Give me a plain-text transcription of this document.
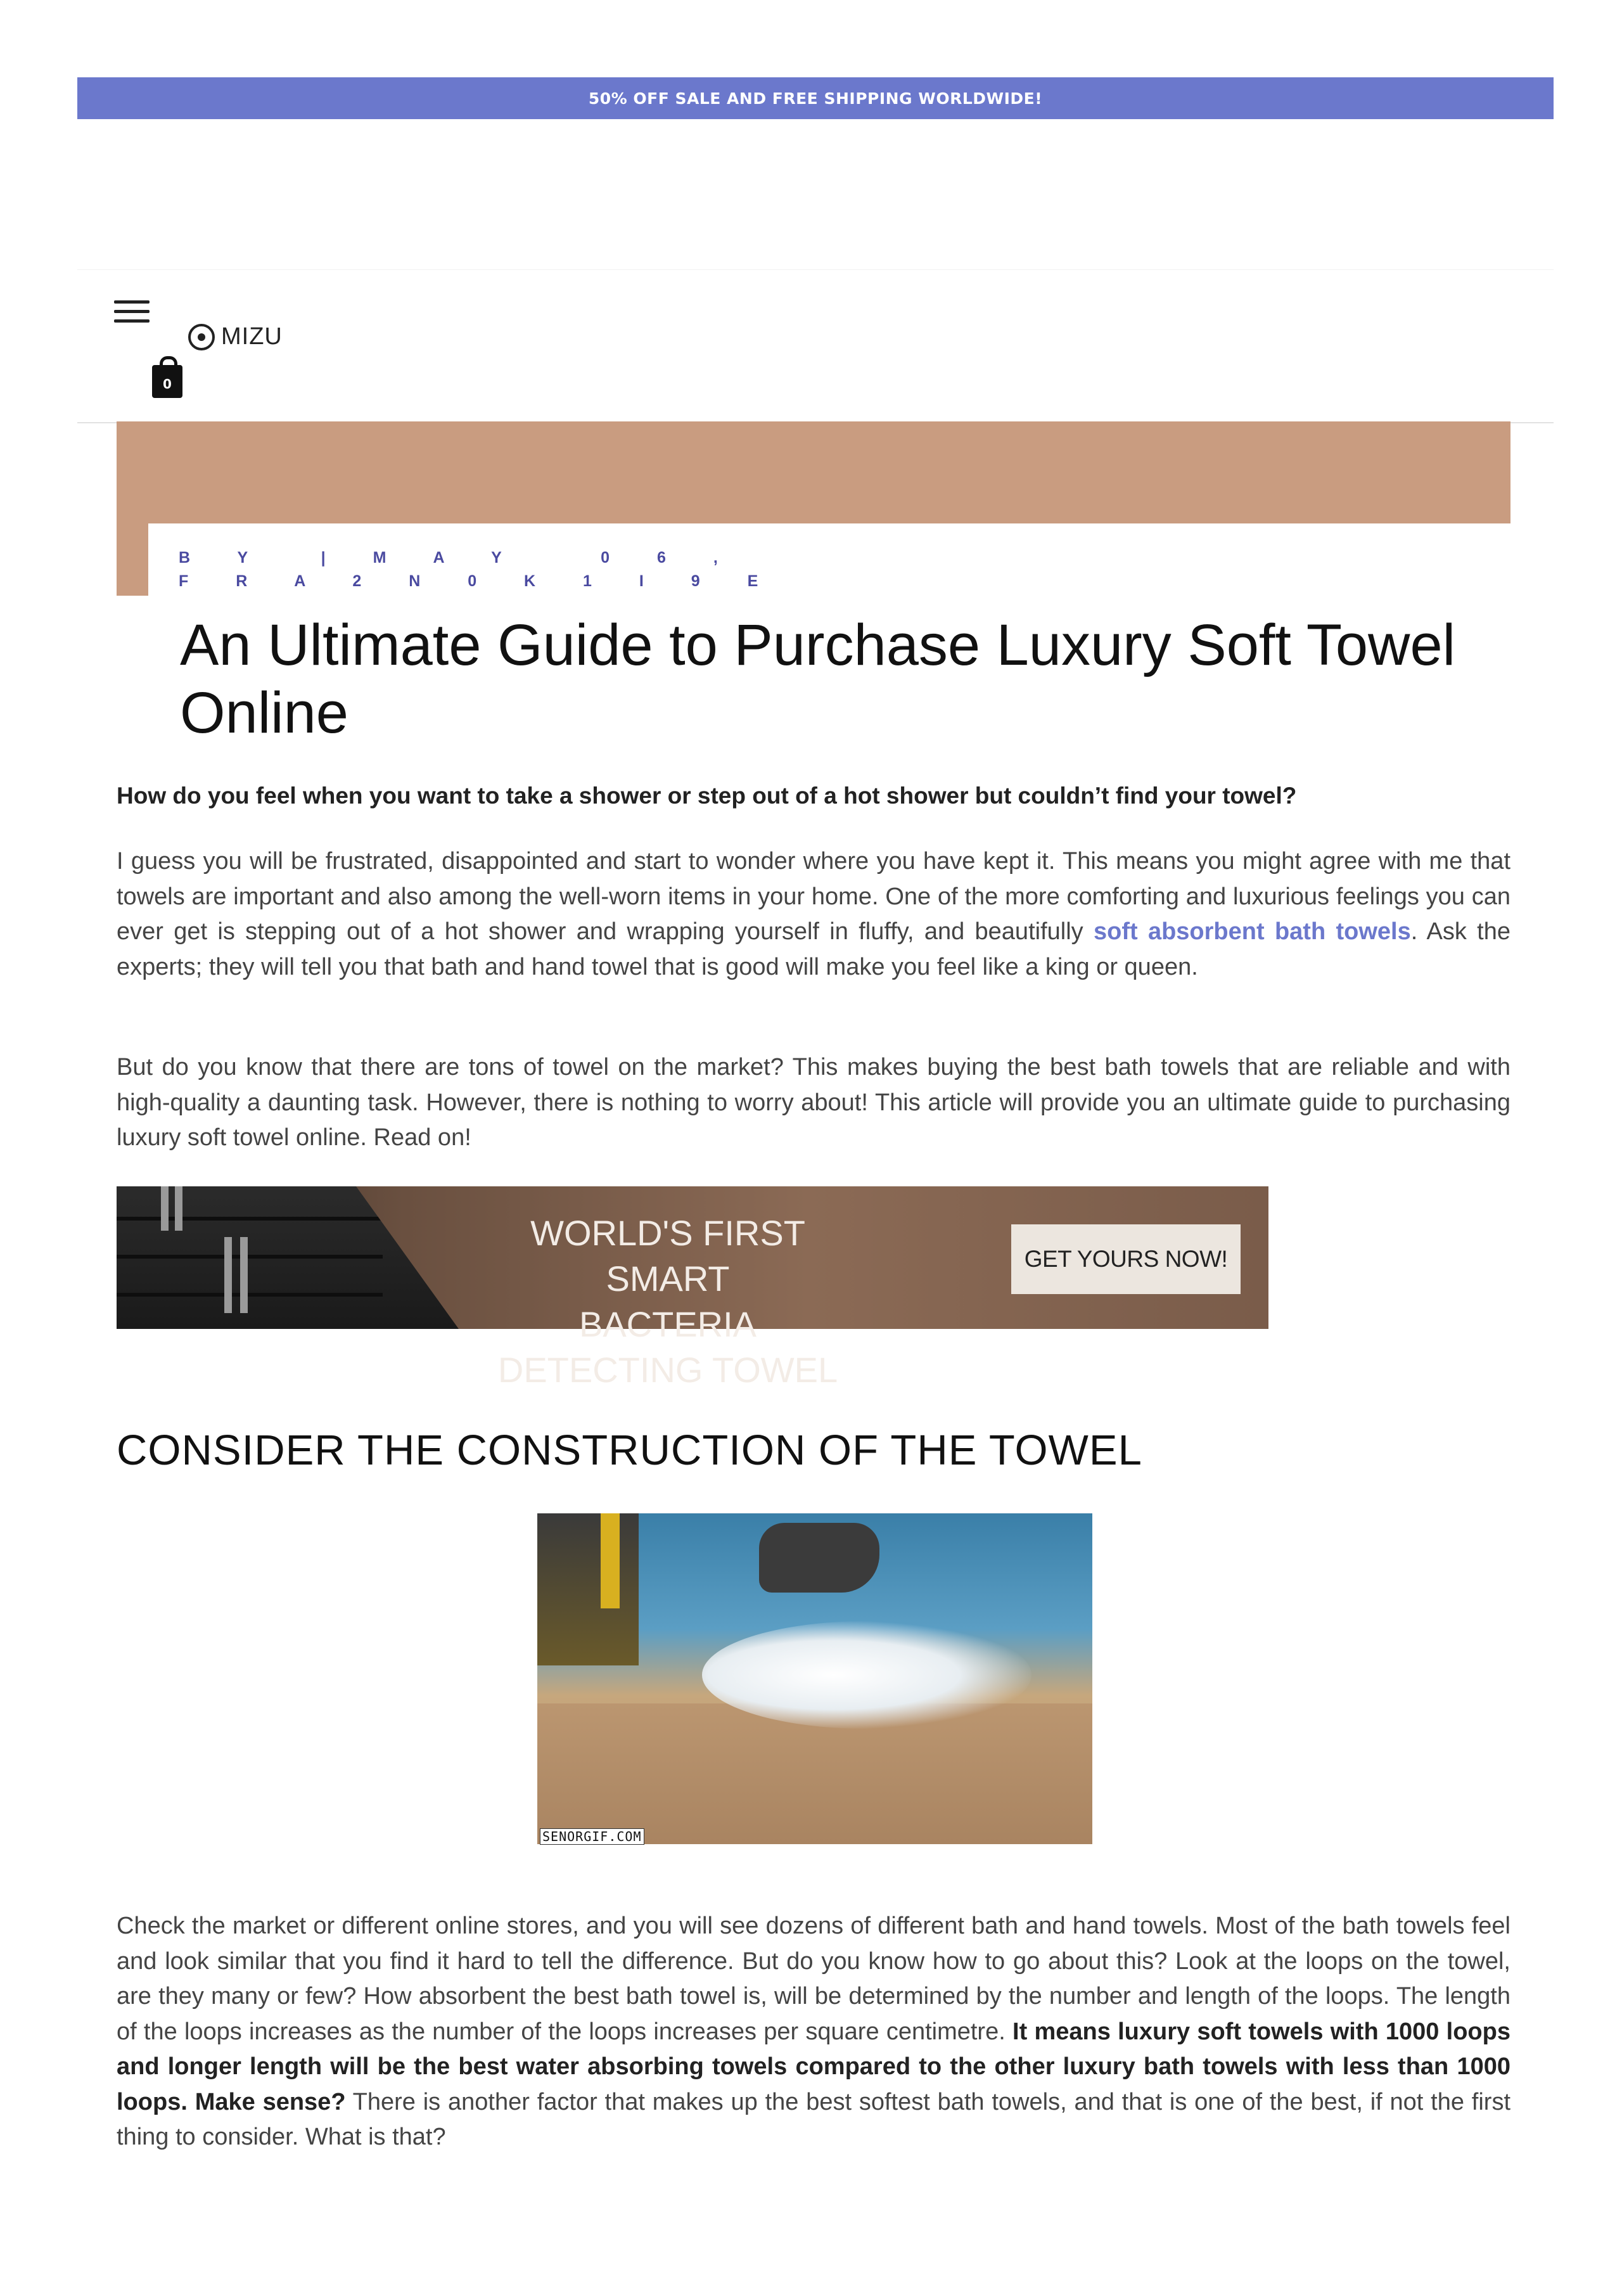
50% OFF SALE AND FREE SHIPPING WORLDWIDE!
MIZU
0
B Y  | M A Y   0 6 ,
F R A 2 N 0 K 1 I 9 E
An Ultimate Guide to Purchase Luxury Soft Towel Online

How do you feel when you want to take a shower or step out of a hot shower but couldn’t find your towel?

I guess you will be frustrated, disappointed and start to wonder where you have kept it. This means you might agree with me that towels are important and also among the well-worn items in your home. One of the more comforting and luxurious feelings you can ever get is stepping out of a hot shower and wrapping yourself in fluffy, and beautifully soft absorbent bath towels. Ask the experts; they will tell you that bath and hand towel that is good will make you feel like a king or queen.

But do you know that there are tons of towel on the market? This makes buying the best bath towels that are reliable and with high-quality a daunting task. However, there is nothing to worry about! This article will provide you an ultimate guide to purchasing luxury soft towel online. Read on!

WORLD'S FIRST SMART
BACTERIA DETECTING TOWEL
GET YOURS NOW!
CONSIDER THE CONSTRUCTION OF THE TOWEL
SENORGIF.COM

Check the market or different online stores, and you will see dozens of different bath and hand towels. Most of the bath towels feel and look similar that you find it hard to tell the difference. But do you know how to go about this? Look at the loops on the towel, are they many or few? How absorbent the best bath towel is, will be determined by the number and length of the loops. The length of the loops increases as the number of the loops increases per square centimetre. It means luxury soft towels with 1000 loops and longer length will be the best water absorbing towels compared to the other luxury bath towels with less than 1000 loops. Make sense? There is another factor that makes up the best softest bath towels, and that is one of the best, if not the first thing to consider. What is that?
